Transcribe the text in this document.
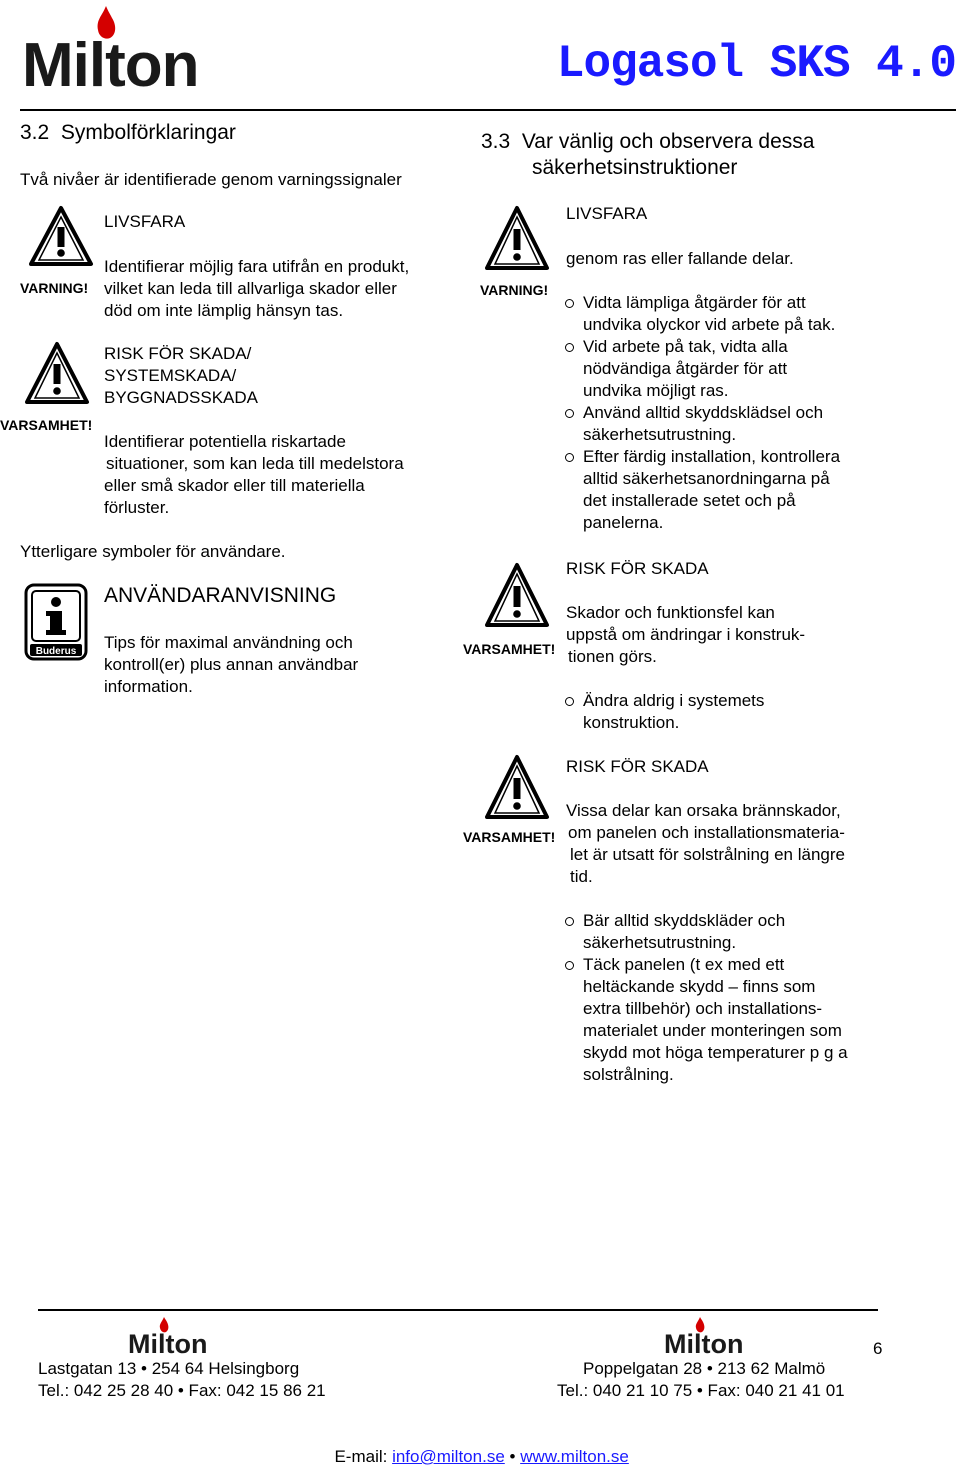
Milton	Logasol SKS 4.0
3.2  Symbolförklaringar
Två nivåer är identifierade genom varningssignaler
VARNING!
LIVSFARA
Identifierar möjlig fara utifrån en produkt,
vilket kan leda till allvarliga skador eller
död om inte lämplig hänsyn tas.
VARSAMHET!
RISK FÖR SKADA/
SYSTEMSKADA/
BYGGNADSSKADA
Identifierar potentiella riskartade
situationer, som kan leda till medelstora
eller små skador eller till materiella
förluster.
Ytterligare symboler för användare.
Buderus
ANVÄNDARANVISNING
Tips för maximal användning och
kontroll(er) plus annan användbar
information.
3.3  Var vänlig och observera dessa
säkerhetsinstruktioner
LIVSFARA
VARNING!
genom ras eller fallande delar.
Vidta lämpliga åtgärder för att
undvika olyckor vid arbete på tak.
Vid arbete på tak, vidta alla
nödvändiga åtgärder för att
undvika möjligt ras.
Använd alltid skyddsklädsel och
säkerhetsutrustning.
Efter färdig installation, kontrollera
alltid säkerhetsanordningarna på
det installerade setet och på
panelerna.
RISK FÖR SKADA
VARSAMHET!
Skador och funktionsfel kan
uppstå om ändringar i konstruk-
tionen görs.
Ändra aldrig i systemets
konstruktion.
RISK FÖR SKADA
VARSAMHET!
Vissa delar kan orsaka brännskador,
om panelen och installationsmateria-
let är utsatt för solstrålning en längre
tid.
Bär alltid skyddskläder och
säkerhetsutrustning.
Täck panelen (t ex med ett
heltäckande skydd – finns som
extra tillbehör) och installations-
materialet under monteringen som
skydd mot höga temperaturer p g a
solstrålning.
Milton	Milton	6
Lastgatan 13 • 254 64 Helsingborg
Tel.: 042 25 28 40 • Fax: 042 15 86 21
Poppelgatan 28 • 213 62 Malmö
Tel.: 040 21 10 75 • Fax: 040 21 41 01

E-mail: info@milton.se • www.milton.se
